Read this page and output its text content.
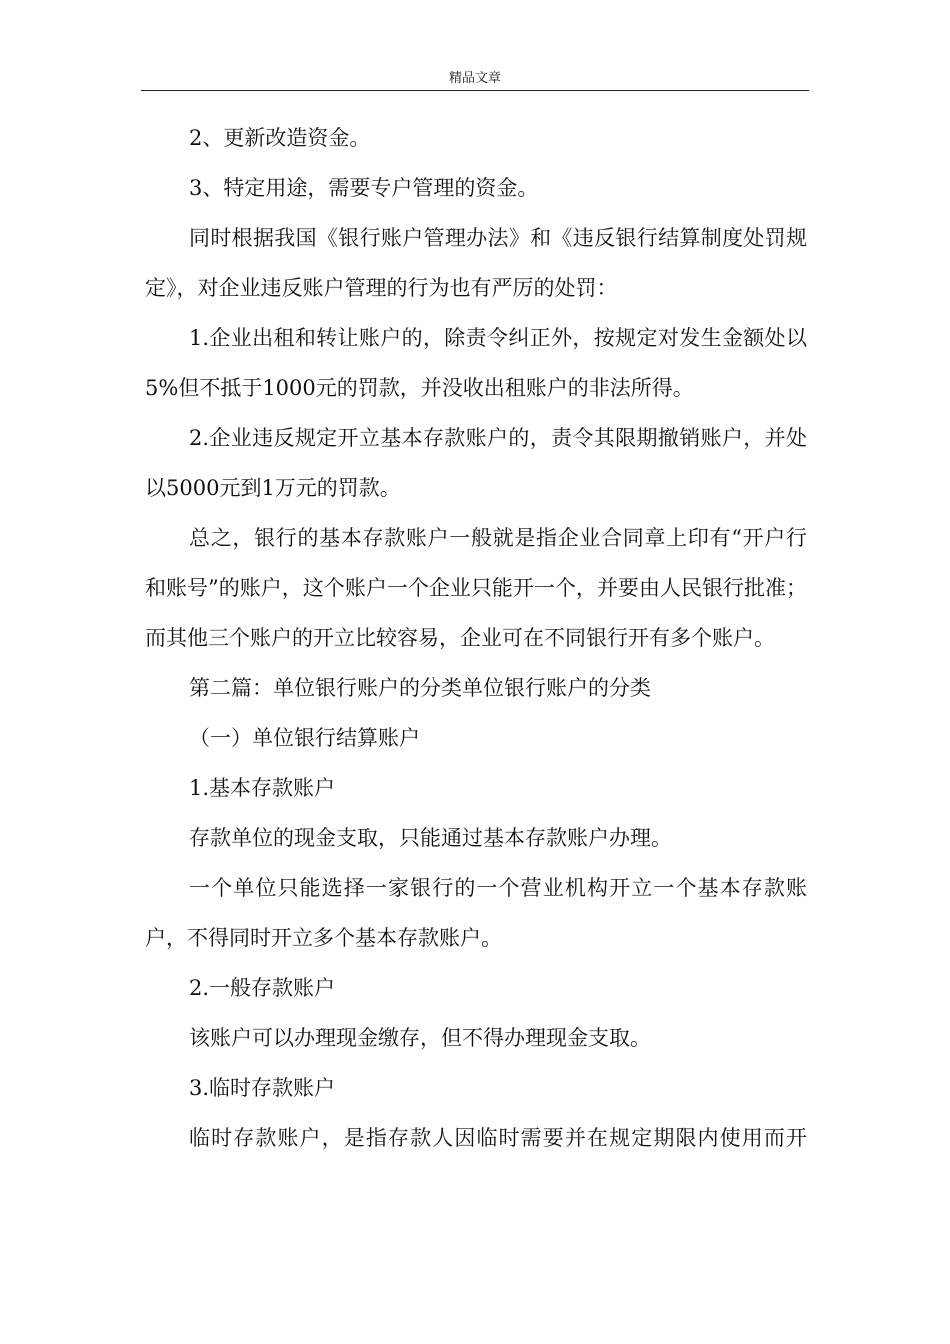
精品文章

2、更新改造资金。

3、特定用途，需要专户管理的资金。

同时根据我国《银行账户管理办法》和《违反银行结算制度处罚规定》，对企业违反账户管理的行为也有严厉的处罚：

1.企业出租和转让账户的，除责令纠正外，按规定对发生金额处以5%但不抵于1000元的罚款，并没收出租账户的非法所得。

2.企业违反规定开立基本存款账户的，责令其限期撤销账户，并处以5000元到1万元的罚款。

总之，银行的基本存款账户一般就是指企业合同章上印有“开户行和账号”的账户，这个账户一个企业只能开一个，并要由人民银行批准；而其他三个账户的开立比较容易，企业可在不同银行开有多个账户。

第二篇：单位银行账户的分类单位银行账户的分类

（一）单位银行结算账户

1.基本存款账户

存款单位的现金支取，只能通过基本存款账户办理。

一个单位只能选择一家银行的一个营业机构开立一个基本存款账户，不得同时开立多个基本存款账户。

2.一般存款账户

该账户可以办理现金缴存，但不得办理现金支取。

3.临时存款账户

临时存款账户，是指存款人因临时需要并在规定期限内使用而开
